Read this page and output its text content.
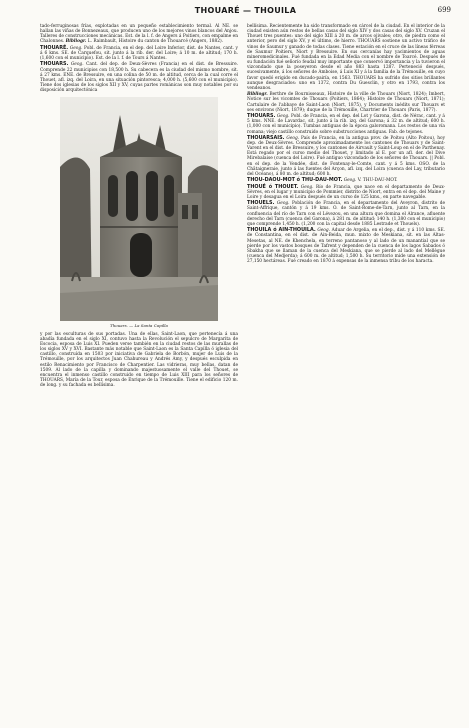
THOUARÉ — THOUILA	699

tado-ferruginosas frías, explotadas en un pequeño establecimiento termal. Al NE. se hallan las viñas de Bonnezeaux, que producen uno de los mejores vinos blancos del Anjou. Talleres de construcciones mecánicas. Est. de la l. f. de Angers á Poitiers, con empalme en Chalonnes. Bibliogr. L. Raimbault, Histoire du canton de Thouarcé (Angers, 1882).

THOUARÉ. Geog. Pobl. de Francia, en el dep. del Loire Inferior, dist. de Nantes, cant. y á 6 kms. SE. de Carquefou, sit. junto á la rib. der. del Loire; á 10 m. de altitud; 170 h. (1,600 con el municipio). Est. de la l. f. de Tours á Nantes.

THOUARS. Geog. Cant. del dep. de Deux-Sèvres (Francia) en el dist. de Bressuire. Comprende 22 municipios con 18,500 h. Su cabecera es la ciudad del mismo nombre, sit. á 27 kms. ENE. de Bressuire, en una colina de 50 m. de altitud, cerca de la cual corre el Thouet, afl. izq. del Loira, en una situación pintoresca; 4,000 h. (5,600 con el municipio). Tiene dos iglesias de los siglos XII y XV, cuyas partes románicas son muy notables por su disposición arquitectónica

Thouars. — La Santa Capilla

y por las esculturas de sus portadas. Una de ellas, Saint-Laon, que pertenecía á una abadía fundada en el siglo XI, contuvo hasta la Revolución el sepulcro de Margarita de Escocia, esposa de Luis XI. Pueden verse también en la ciudad restos de las murallas de los siglos XV y XVI. Bastante más notable que Saint-Laon es la Santa Capilla ó iglesia del castillo, construída en 1503 por iniciativa de Gabriela de Borbón, mujer de Luis de la Trémouille, por los arquitectos Juan Chahureau y Andrés Amy, y después esculpida en estilo Renacimiento por Francisco de Charpentier. Las vidrieras, muy bellas, datan de 1509. Al lado de la capilla y dominando majestuosamente el valle del Thouet, se encuentra el inmenso castillo construido en tiempo de Luis XIII para los señores de THOUARS, María de la Tour, esposa de Enrique de la Trémouille. Tiene el edificio 120 m. de long. y su fachada es bellísima.

bellísima. Recientemente ha sido transformado en cárcel de la ciudad. En el interior de la ciudad existen aún restos de bellas casas del siglo XIV y dos casas del siglo XV. Cruzan el Thouet tres puentes: uno del siglo XIII á 20 m. de arcos ojivales; otro, de piedra como el anterior, pero del siglo XV, y el último, de hierro. THOUARS sostiene un activo tráfico de vinos de Saumur y ganado de todas clases. Tiene estación en el cruce de las líneas férreas de Saumur Poitiers, Niort y Bressuire. En sus cercanías hay yacimientos de aguas mineromedicinales. Fué fundada en la Edad Media con el nombre de Toarcé. Después de su fundación fué señorío feudal muy importante que conservó importancia y la tuvieron el vizcondado que la poseyeron desde el año 883 hasta 1287. Perteneció después, sucesivamente, á los señores de Amboise, á Luis XI y á la familia de la Trémouille, en cuyo favor quedó erigido en ducado-pairía, en 1563. THOUARS ha sufrido dos sitios brillantes aunque desgraciados: uno en 1372, contra Du Guesclin, y otro en 1793, contra los vendeanos.

Bibliogr. Berthre de Bournisseaux, Histoire de la ville de Thouars (Niort, 1824); Imbert, Notice sur les vicomtes de Thouars (Poitiers, 1864); Histoire de Thouars (Niort, 1871); Cartulaire de l'abbaye de Saint-Laon (Niort, 1875), y Documents inédits sur Thouars et ses environs (Niort, 1879); duque de la Trémouille, Chartrier de Thouars (Paris, 1877).

THOUARS. Geog. Pobl. de Francia, en el dep. del Lot y Garona, dist. de Nérac, cant. y á 5 kms. NNE. de Lavardac, sit. junto á la rib. izq. del Garona; á 32 m. de altitud; 600 h. (1,000 con el municipio). Tumbas antiguas de la época galoromana. Los restos de una vía romana; viejo castillo construido sobre substrucciones antiguas. Fab. de tejones.

THOUARSAIS. Geog. País de Francia, en la antigua prov. de Poitou (Alto Poitou), hoy dep. de Deux-Sèvres. Comprende aproximadamente los cantones de Thouars y de Saint-Varent en el dist. de Bressuire, y los cantones de Airvault y Saint-Loup en el de Parthenay. Está regado por el curso medio del Thouet, y limitado al E. por un afl. der. del Dive Mirebalaise (cuenca del Loire). Fué antiguo vizcondado de los señores de Thouars. || Pobl. en el dep. de la Vendée, dist. de Fontenay-le-Comte, cant. y á 5 kms. OSO. de la Châtaigneraie, junto á las fuentes del Arçon, afl. izq. del Loira (cuenca del Lay, tributario del Océano), á 80 m. de altitud; 600 h.

THOU-DAOU-MOT ó THU-DAU-MOT. Geog. V. THU-DAU-MOT.

THOUÉ ó THOUET. Geog. Río de Francia, que nace en el departamento de Deux-Sèvres, en el lugar y municipio de Pommier, distrito de Niort, entra en el dep. del Maine y Loire y desagua en el Loira después de un curso de 125 kms., en parte navegable.

THOUELS. Geog. Población de Francia, en el departamento del Aveyron, distrito de Saint-Affrique, cantón y á 19 kms. O. de Saint-Rome-de-Tarn, junto al Tarn, en la confluencia del río de Tarn con el Lévezou, en una altura que domina el Alrance, afluente derecho del Tarn (cuenca del Garona), á 281 m. de altitud; 140 h. (1,380 con el municipio) que comprende 1,450 h. (1,200 con la capital desde 1885 Lestrade et Thouels).

THOUILA ó AIN-THOUILA. Geog. Aduar de Argelia, en el dep., dist. y á 110 kms. SE. de Constantina, en el dist. de Ain-Beida, mun. mixto de Meskiana, sit. en las Altas-Mesetas, al NE. de Khenchela, en terreno pantanoso y al lado de un manantial que se pierde por los vastos bosques de Tafrent y dependen de la cuenca de los lagos Sabados ó Sbakha que se llaman de la cuenca del Meskiana, que se pierde al lado del Mellègue (cuenca del Medjerda); á 600 m. de altitud; 1,500 h. Su territorio mide una extensión de 27,150 hectáreas. Fué creado en 1870 á expensas de la inmensa tribu de los haracta.
